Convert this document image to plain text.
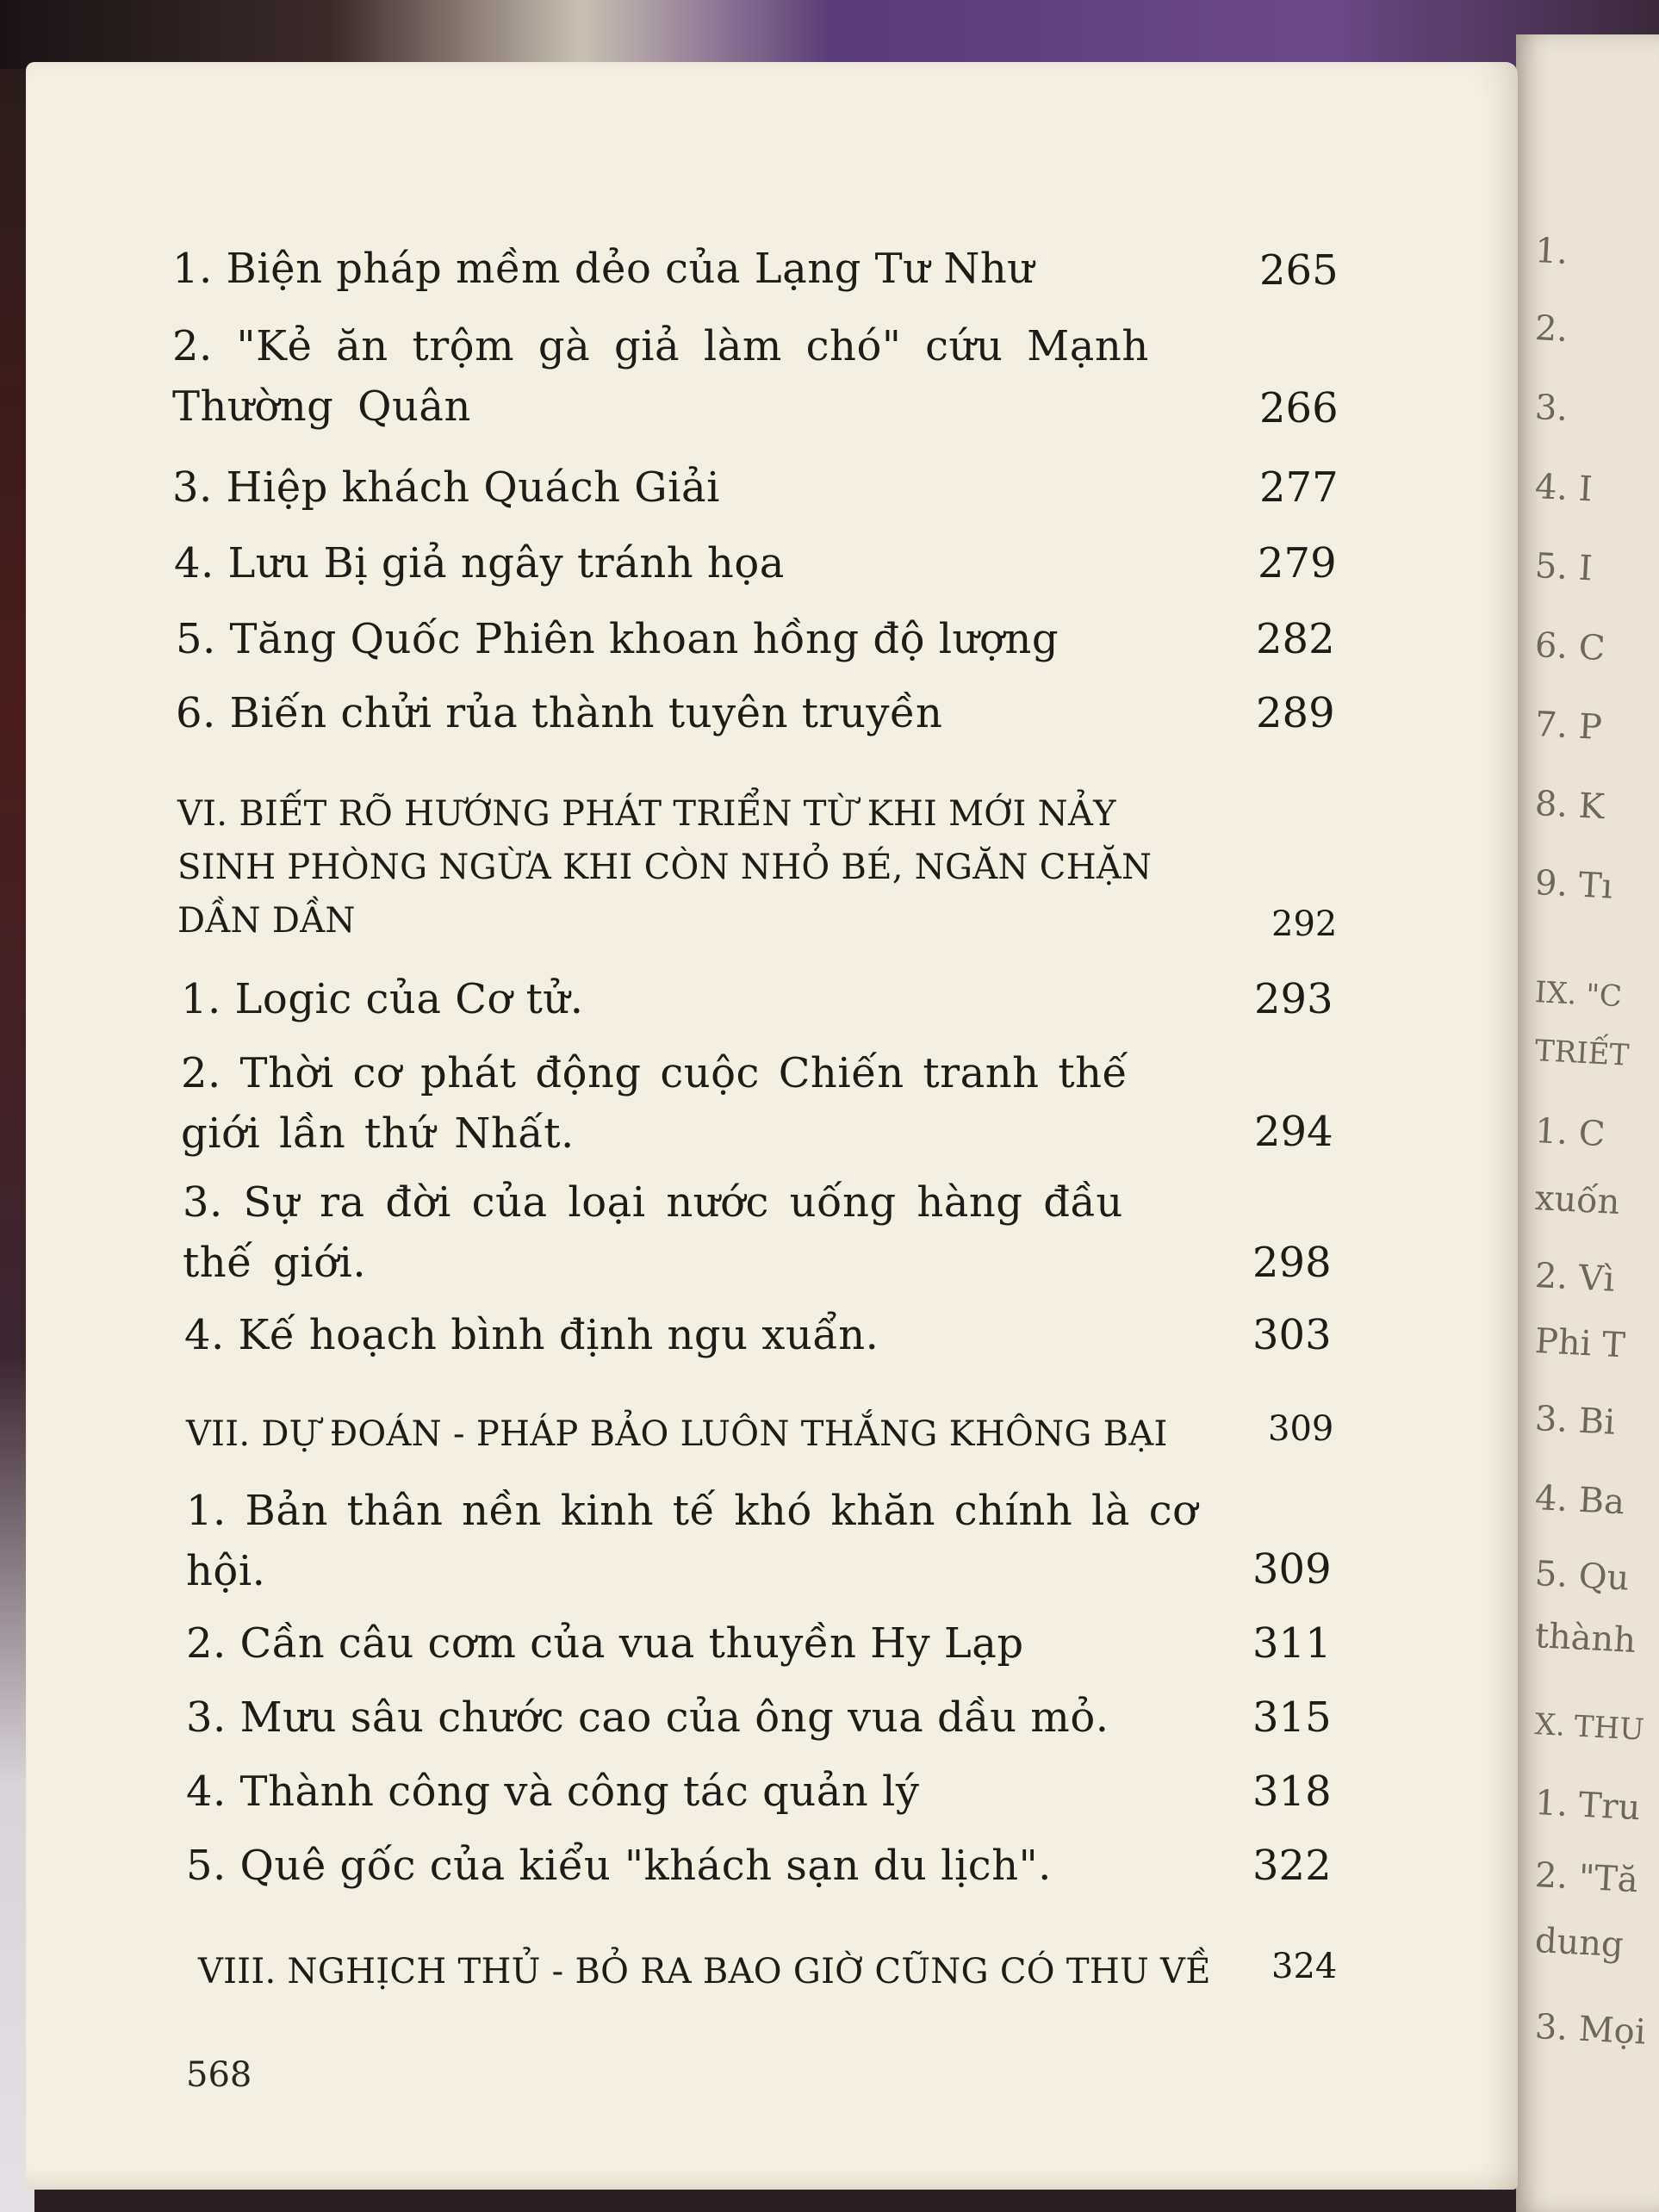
1.
2.
3.
4. I
5. I
6. C
7. P
8. K
9. Tı
IX. "C
TRIẾT
1. C
xuốn
2. Vì
Phi T
3. Bi
4. Ba
5. Qu
thành
X. THU
1. Tru
2. "Tă
dung
3. Mọi
1. Biện pháp mềm dẻo của Lạng Tư Như	265
2. "Kẻ ăn trộm gà giả làm chó" cứu Mạnh Thường Quân	266
3. Hiệp khách Quách Giải	277
4. Lưu Bị giả ngây tránh họa	279
5. Tăng Quốc Phiên khoan hồng độ lượng	282
6. Biến chửi rủa thành tuyên truyền	289
VI. BIẾT RÕ HƯỚNG PHÁT TRIỂN TỪ KHI MỚI NẢY SINH PHÒNG NGỪA KHI CÒN NHỎ BÉ, NGĂN CHẶN DẦN DẦN	292
1. Logic của Cơ tử.	293
2. Thời cơ phát động cuộc Chiến tranh thế giới lần thứ Nhất.	294
3. Sự ra đời của loại nước uống hàng đầu thế giới.	298
4. Kế hoạch bình định ngu xuẩn.	303
VII. DỰ ĐOÁN - PHÁP BẢO LUÔN THẮNG KHÔNG BẠI	309
1. Bản thân nền kinh tế khó khăn chính là cơ hội.	309
2. Cần câu cơm của vua thuyền Hy Lạp	311
3. Mưu sâu chước cao của ông vua dầu mỏ.	315
4. Thành công và công tác quản lý	318
5. Quê gốc của kiểu "khách sạn du lịch".	322
VIII. NGHỊCH THỦ - BỎ RA BAO GIỜ CŨNG CÓ THU VỀ	324
568
